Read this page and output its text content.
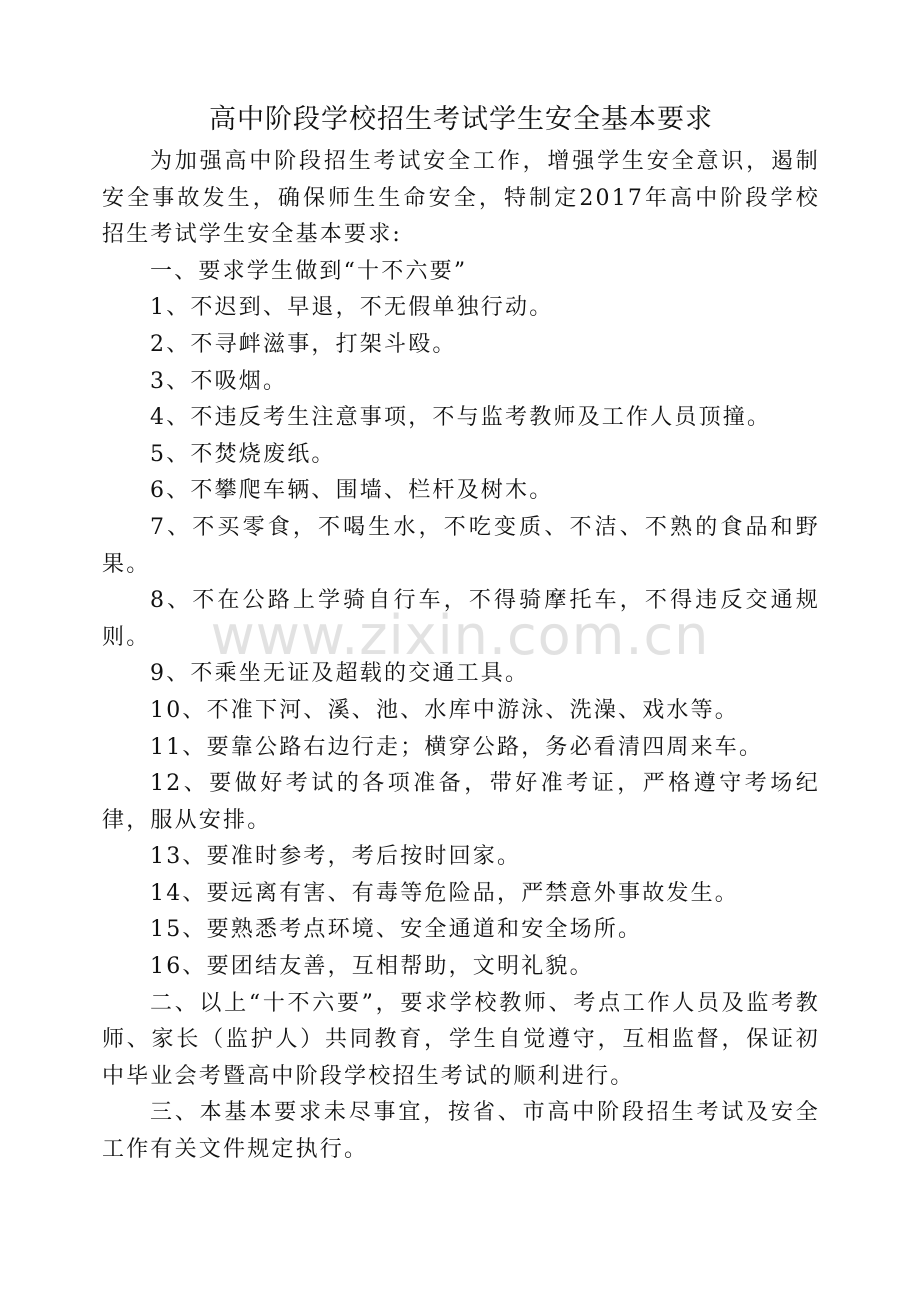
www.zixin.com.cn
高中阶段学校招生考试学生安全基本要求

为加强高中阶段招生考试安全工作，增强学生安全意识，遏制安全事故发生，确保师生生命安全，特制定2017年高中阶段学校招生考试学生安全基本要求:

一、要求学生做到“十不六要”

1、不迟到、早退，不无假单独行动。

2、不寻衅滋事，打架斗殴。

3、不吸烟。

4、不违反考生注意事项，不与监考教师及工作人员顶撞。

5、不焚烧废纸。

6、不攀爬车辆、围墙、栏杆及树木。

7、不买零食，不喝生水，不吃变质、不洁、不熟的食品和野果。

8、不在公路上学骑自行车，不得骑摩托车，不得违反交通规则。

9、不乘坐无证及超载的交通工具。

10、不准下河、溪、池、水库中游泳、洗澡、戏水等。

11、要靠公路右边行走；横穿公路，务必看清四周来车。

12、要做好考试的各项准备，带好准考证，严格遵守考场纪律，服从安排。

13、要准时参考，考后按时回家。

14、要远离有害、有毒等危险品，严禁意外事故发生。

15、要熟悉考点环境、安全通道和安全场所。

16、要团结友善，互相帮助，文明礼貌。

二、以上“十不六要”，要求学校教师、考点工作人员及监考教师、家长（监护人）共同教育，学生自觉遵守，互相监督，保证初中毕业会考暨高中阶段学校招生考试的顺利进行。

三、本基本要求未尽事宜，按省、市高中阶段招生考试及安全工作有关文件规定执行。
